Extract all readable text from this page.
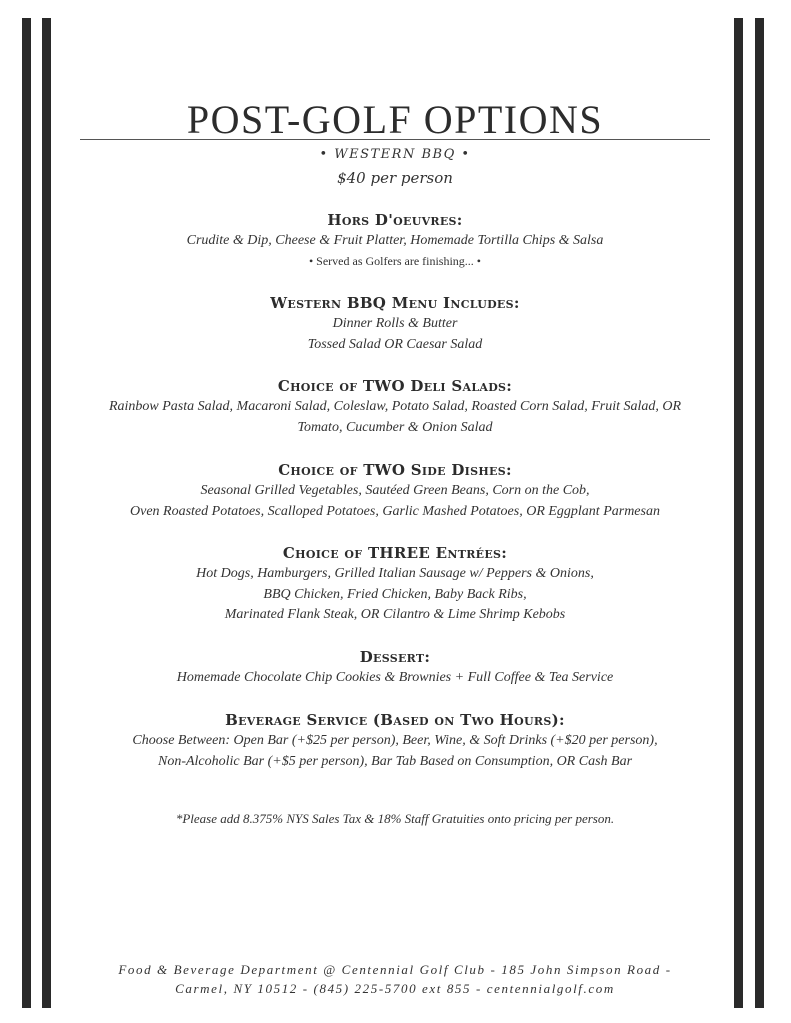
POST-GOLF OPTIONS
• WESTERN BBQ •
$40 per person
Hors D'oeuvres:
Crudite & Dip, Cheese & Fruit Platter, Homemade Tortilla Chips & Salsa
• Served as Golfers are finishing... •
Western BBQ Menu Includes:
Dinner Rolls & Butter
Tossed Salad OR Caesar Salad
Choice of TWO Deli Salads:
Rainbow Pasta Salad, Macaroni Salad, Coleslaw, Potato Salad, Roasted Corn Salad, Fruit Salad, OR
Tomato, Cucumber & Onion Salad
Choice of TWO Side Dishes:
Seasonal Grilled Vegetables, Sautéed Green Beans, Corn on the Cob,
Oven Roasted Potatoes, Scalloped Potatoes, Garlic Mashed Potatoes, OR Eggplant Parmesan
Choice of THREE Entrées:
Hot Dogs, Hamburgers, Grilled Italian Sausage w/ Peppers & Onions,
BBQ Chicken, Fried Chicken, Baby Back Ribs,
Marinated Flank Steak, OR Cilantro & Lime Shrimp Kebobs
Dessert:
Homemade Chocolate Chip Cookies & Brownies + Full Coffee & Tea Service
Beverage Service (Based on Two Hours):
Choose Between: Open Bar (+$25 per person), Beer, Wine, & Soft Drinks (+$20 per person),
Non-Alcoholic Bar (+$5 per person), Bar Tab Based on Consumption, OR Cash Bar
*Please add 8.375% NYS Sales Tax & 18% Staff Gratuities onto pricing per person.
Food & Beverage Department @ Centennial Golf Club - 185 John Simpson Road -
Carmel, NY 10512 - (845) 225-5700 ext 855 - centennialgolf.com
